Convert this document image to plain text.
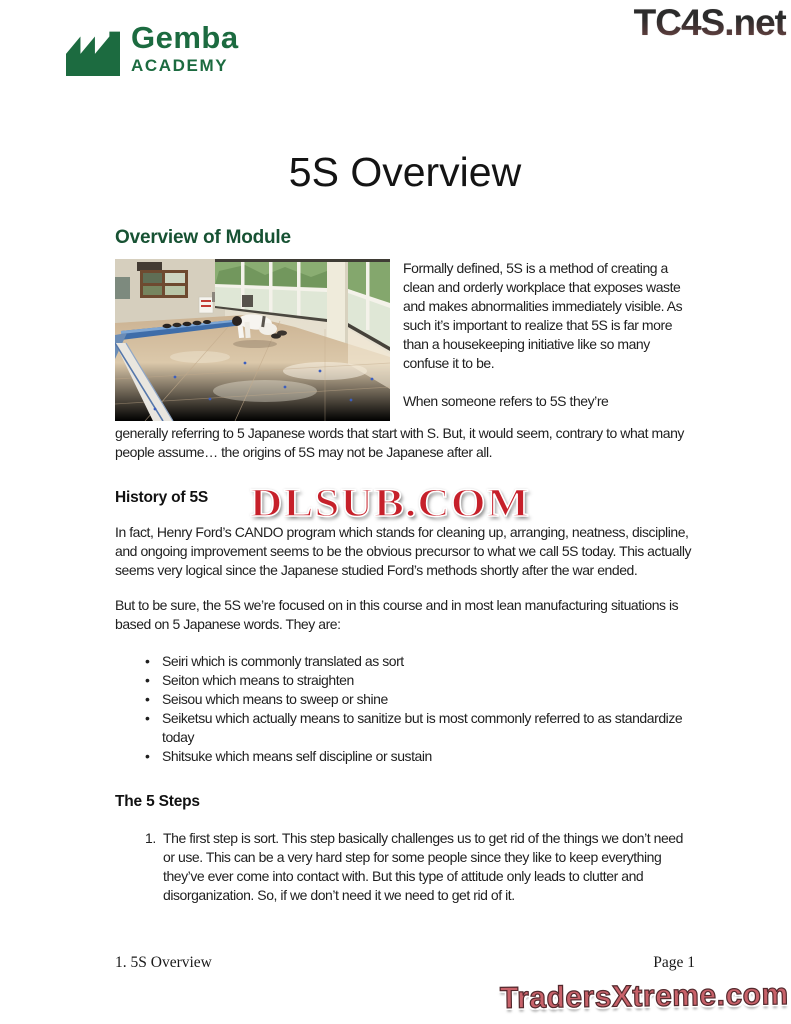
Gemba
ACADEMY
TC4S.net
5S Overview
Overview of Module

Formally defined, 5S is a method of creating a clean and orderly workplace that exposes waste and makes abnormalities immediately visible. As such it’s important to realize that 5S is far more than a housekeeping initiative like so many confuse it to be.

When someone refers to 5S they’re

generally referring to 5 Japanese words that start with S. But, it would seem, contrary to what many people assume… the origins of 5S may not be Japanese after all.

History of 5S

In fact, Henry Ford’s CANDO program which stands for cleaning up, arranging, neatness, discipline, and ongoing improvement seems to be the obvious precursor to what we call 5S today. This actually seems very logical since the Japanese studied Ford’s methods shortly after the war ended.

But to be sure, the 5S we’re focused on in this course and in most lean manufacturing situations is based on 5 Japanese words. They are:

• Seiri which is commonly translated as sort
• Seiton which means to straighten
• Seisou which means to sweep or shine
• Seiketsu which actually means to sanitize but is most commonly referred to as standardize today
• Shitsuke which means self discipline or sustain
The 5 Steps
1. The first step is sort. This step basically challenges us to get rid of the things we don’t need or use. This can be a very hard step for some people since they like to keep everything they’ve ever come into contact with. But this type of attitude only leads to clutter and disorganization. So, if we don’t need it we need to get rid of it.
1. 5S Overview	Page 1
DLSUB.COM
TradersXtreme.com
